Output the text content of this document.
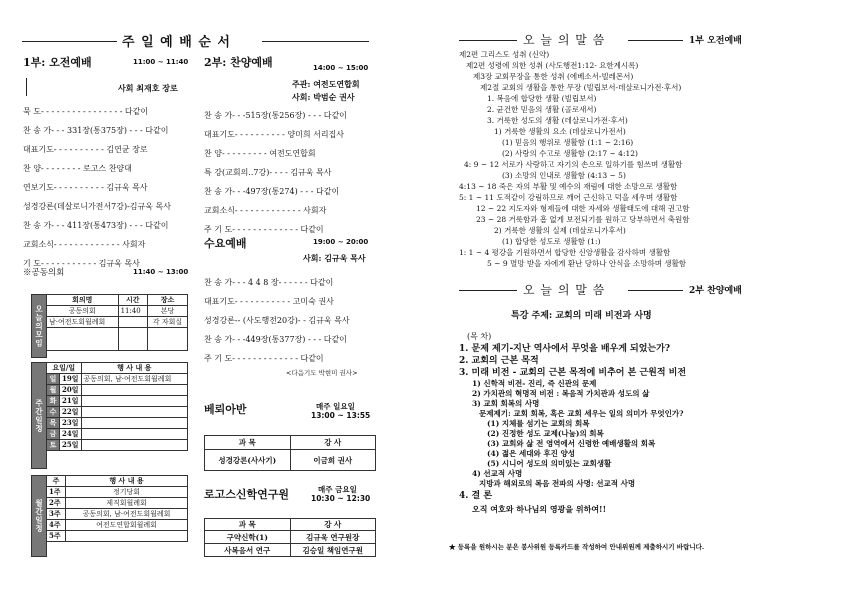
주 일 예 배 순 서
1부: 오전예배	11:00 ~ 11:40
사회 최재호 장로
묵 도- - - - - - - - - - - - - - - - 다같이
찬 송 가- - - 331장(통375장) - - - 다같이
대표기도- - - - - - - - - - 김연균 장로
찬 양- - - - - - - - 로고스 찬양대
연보기도- - - - - - - - - - 김규욱 목사
성경강론(데살로니가전서7강)-김규욱 목사
찬 송 가- - - 411장(통473장) - - - 다같이
교회소식- - - - - - - - - - - - - 사회자
기 도- - - - - - - - - - - 김규욱 목사
※공동의회	11:40 ~ 13:00
오늘의모임
회의명	시간	장소
공동의회	11:40	본당
남·여전도회월례회		각 자회실

주간일정
요일/일		행 사 내 용
일	19일	공동의회, 남·여전도회월례회
월	20일	
화	21일	
수	22일	
목	23일	
금	24일	
토	25일	
월간일정
주	행 사 내 용
1주	정기당회
2주	제직회월례회
3주	공동의회, 남·여전도회월례회
4주	여전도연합회월례회
5주	
2부: 찬양예배	14:00 ~ 15:00
주관: 여전도연합회
사회: 박범순 권사
찬 송 가- - -515장(통256장) - - - 다같이
대표기도- - - - - - - - - - 양미희 서리집사
찬 양- - - - - - - - - 여전도연합회
특 강(교회의..7강)- - - - 김규욱 목사
찬 송 가- - -497장(통274) - - - 다같이
교회소식- - - - - - - - - - - - - 사회자
주 기 도- - - - - - - - - - - - - 다같이
수요예배	19:00 ~ 20:00
사회: 김규욱 목사
찬 송 가- - - 4 4 8 장- - - - - - 다같이
대표기도- - - - - - - - - - - 고미숙 권사
성경강론-- (사도행전20강)- - 김규욱 목사
찬 송 가- - -449장(통377장) - - - 다같이
주 기 도- - - - - - - - - - - - - 다같이
<다음기도 박현미 권사>
베뢰아반	매주 일요일
13:00 ~ 13:55
과 목	강 사
성경강론(사사기)	이금희 권사
로고스신학연구원	매주 금요일
10:30 ~ 12:30
과 목	강 사
구약신학(1)	김규욱 연구원장
사복음서 연구	김승일 책임연구원
오 늘 의 말 씀	1부 오전예배
제2편 그리스도 성취 (신약)
제2편 성령에 의한 성취 (사도행전1:12- 요한계시록)
제3장 교회무장을 통한 성취 (에베소서-빌레몬서)
제2절 교회의 생활을 통한 무장 (빌립보서-데살로니가전·후서)
1. 복음에 합당한 생활 (빌립보서)
2. 균건한 믿음의 생활 (골로새서)
3. 거룩한 성도의 생활 (데살로니가전·후서)
1) 거룩한 생활의 요소 (데살로니가전서)
(1) 믿음의 행위로 생활함 (1:1 ~ 2:16)
(2) 사랑의 수고로 생활함 (2:17 ~ 4:12)
4: 9 ~ 12 서로가 사랑하고 자기의 손으로 일하기를 힘쓰며 생활함
(3) 소망의 인내로 생활함 (4:13 ~ 5)
4:13 ~ 18 죽은 자의 부활 및 예수의 재림에 대한 소망으로 생활함
5: 1 ~ 11 도적같이 강림하므로 깨어 근신하고 덕을 세우며 생활함
12 ~ 22 지도자와 형제들에 대한 자세와 생활태도에 대해 권고함
23 ~ 28 거룩함과 흠 없게 보전되기를 원하고 당부하면서 축원함
2) 거룩한 생활의 실제 (데살로니가후서)
(1) 합당한 성도로 생활함 (1:)
1: 1 ~ 4 평강을 기원하면서 합당한 신앙생활을 감사하며 생활함
5 ~ 9 멸망 받을 자에게 환난 당하나 안식을 소망하며 생활함
오 늘 의 말 씀	2부 찬양예배
특강 주제: 교회의 미래 비전과 사명
(목 차)
1. 문제 제기-지난 역사에서 무엇을 배우게 되었는가?
2. 교회의 근본 목적
3. 미래 비전 - 교회의 근본 목적에 비추어 본 근원적 비전
1) 신학적 비전- 진리, 즉 신관의 문제
2) 가치관의 혁명적 비전 : 복음적 가치관과 성도의 삶
3) 교회 회복의 사명
문제제기: 교회 회복, 혹은 교회 세우는 일의 의미가 무엇인가?
(1) 지체를 섬기는 교회의 회복
(2) 진정한 성도 교제(나눔)의 회복
(3) 교회와 삶 전 영역에서 신령한 예배생활의 회복
(4) 젊은 세대와 후진 양성
(5) 시니어 성도의 의미있는 교회생활
4) 선교적 사명
지방과 해외로의 복음 전파의 사명: 선교적 사명
4. 결 론
오직 여호와 하나님의 영광을 위하여!!
★ 등록을 원하시는 분은 봉사위원 등록카드를 작성하여 안내위원께 제출하시기 바랍니다.
